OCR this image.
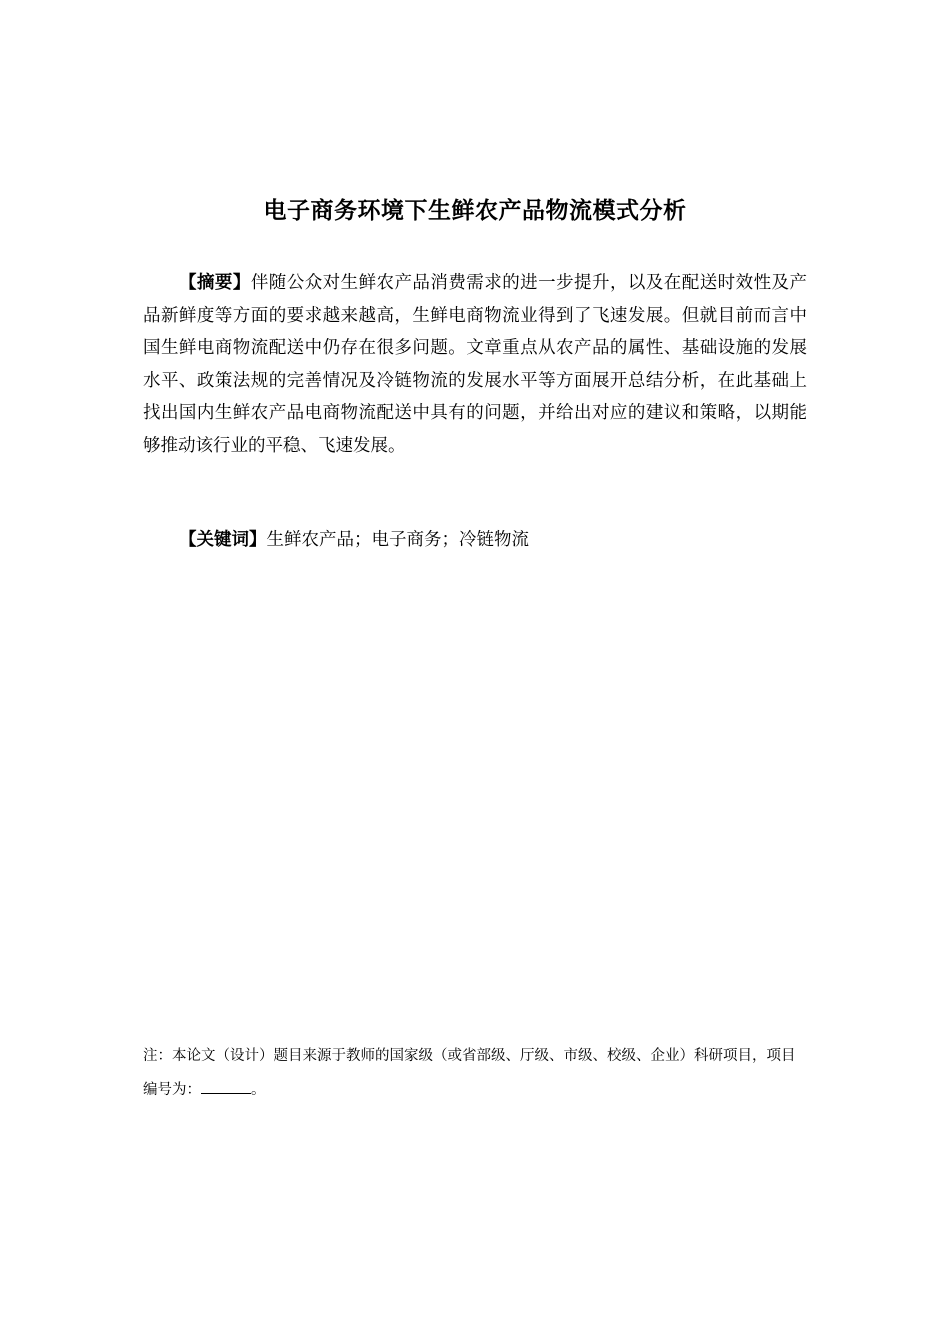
电子商务环境下生鲜农产品物流模式分析

【摘要】伴随公众对生鲜农产品消费需求的进一步提升，以及在配送时效性及产品新鲜度等方面的要求越来越高，生鲜电商物流业得到了飞速发展。但就目前而言中国生鲜电商物流配送中仍存在很多问题。文章重点从农产品的属性、基础设施的发展水平、政策法规的完善情况及冷链物流的发展水平等方面展开总结分析，在此基础上找出国内生鲜农产品电商物流配送中具有的问题，并给出对应的建议和策略，以期能够推动该行业的平稳、飞速发展。

【关键词】生鲜农产品；电子商务；冷链物流

注：本论文（设计）题目来源于教师的国家级（或省部级、厅级、市级、校级、企业）科研项目，项目编号为：	。
